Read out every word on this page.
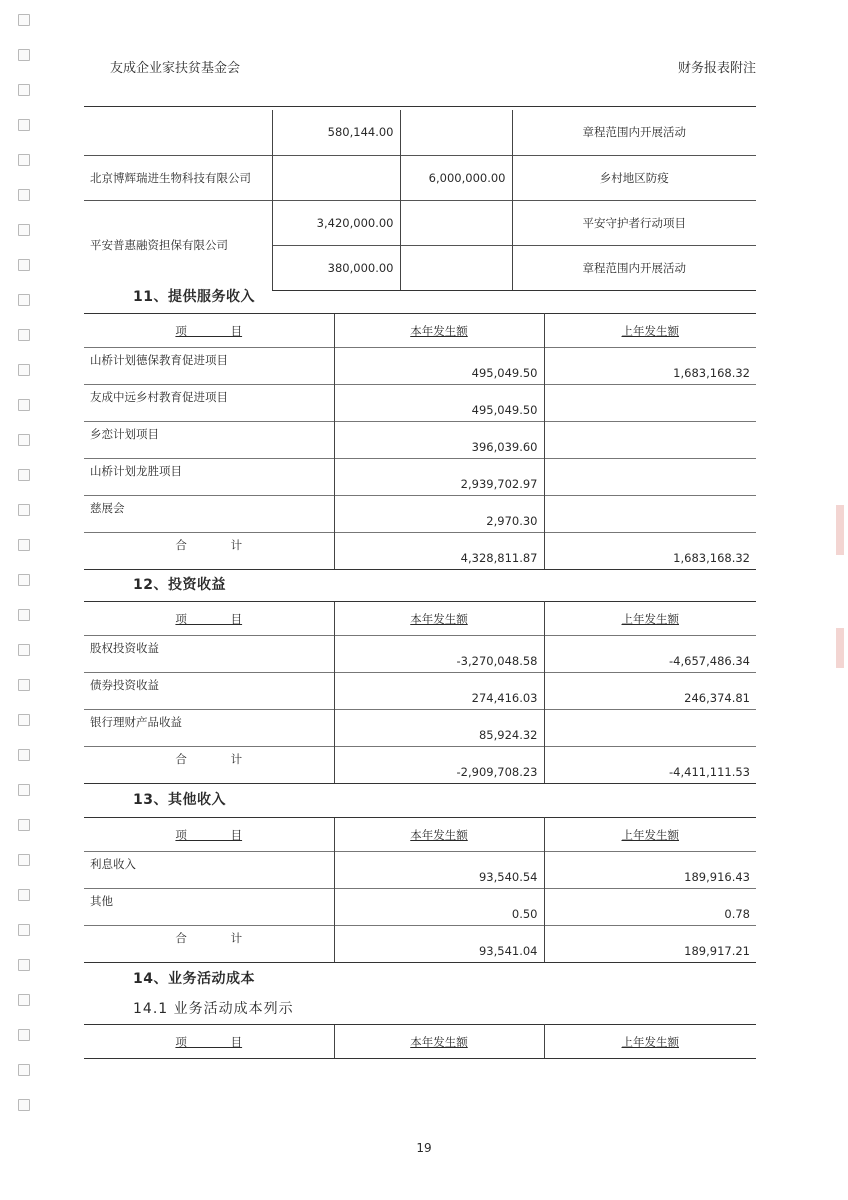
友成企业家扶贫基金会	财务报表附注
	580,144.00		章程范围内开展活动
北京博辉瑞进生物科技有限公司		6,000,000.00	乡村地区防疫
平安普惠融资担保有限公司	3,420,000.00		平安守护者行动项目
	380,000.00		章程范围内开展活动
11、提供服务收入
项 目	本年发生额	上年发生额
山桥计划德保教育促进项目	495,049.50	1,683,168.32
友成中远乡村教育促进项目	495,049.50	
乡恋计划项目	396,039.60	
山桥计划龙胜项目	2,939,702.97	
慈展会	2,970.30	
合 计	4,328,811.87	1,683,168.32
12、投资收益
项 目	本年发生额	上年发生额
股权投资收益	-3,270,048.58	-4,657,486.34
债券投资收益	274,416.03	246,374.81
银行理财产品收益	85,924.32	
合 计	-2,909,708.23	-4,411,111.53
13、其他收入
项 目	本年发生额	上年发生额
利息收入	93,540.54	189,916.43
其他	0.50	0.78
合 计	93,541.04	189,917.21
14、业务活动成本
14.1 业务活动成本列示
项 目	本年发生额	上年发生额
19
